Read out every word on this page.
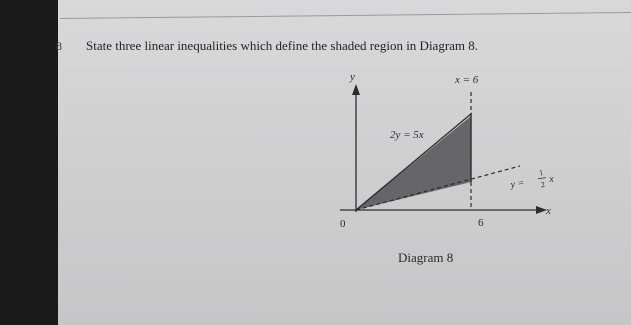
8 State three linear inequalities which define the shaded region in Diagram 8.
y
x
0	6
x = 6
2y = 5x
y =
1
2 x
Diagram 8
